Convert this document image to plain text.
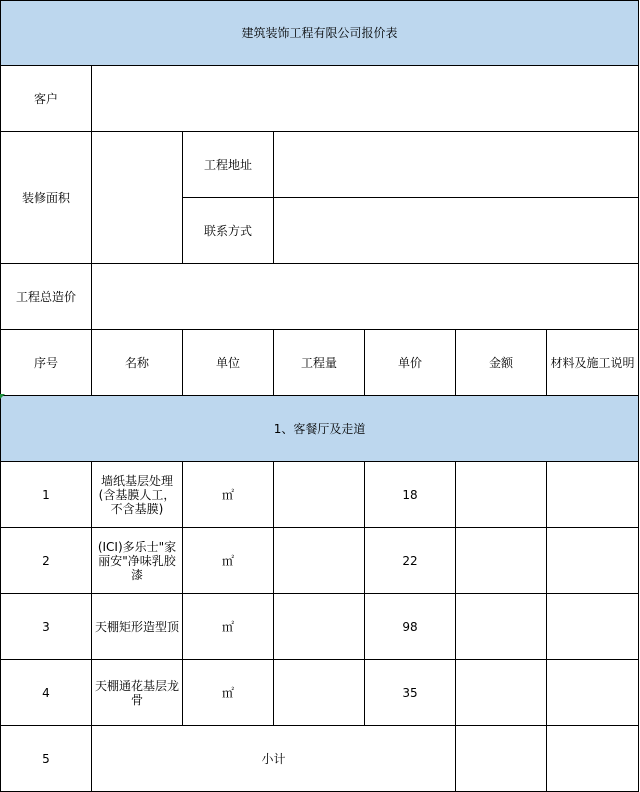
建筑装饰工程有限公司报价表						
客户						
装修面积		工程地址				
		联系方式				
工程总造价						
序号	名称	单位	工程量	单价	金额	材料及施工说明
1、客餐厅及走道						
1	墙纸基层处理(含基膜人工，不含基膜)	㎡		18		
2	(ICI)多乐士"家丽安"净味乳胶漆	㎡		22		
3	天棚矩形造型顶	㎡		98		
4	天棚通花基层龙骨	㎡		35		
5	小计					
